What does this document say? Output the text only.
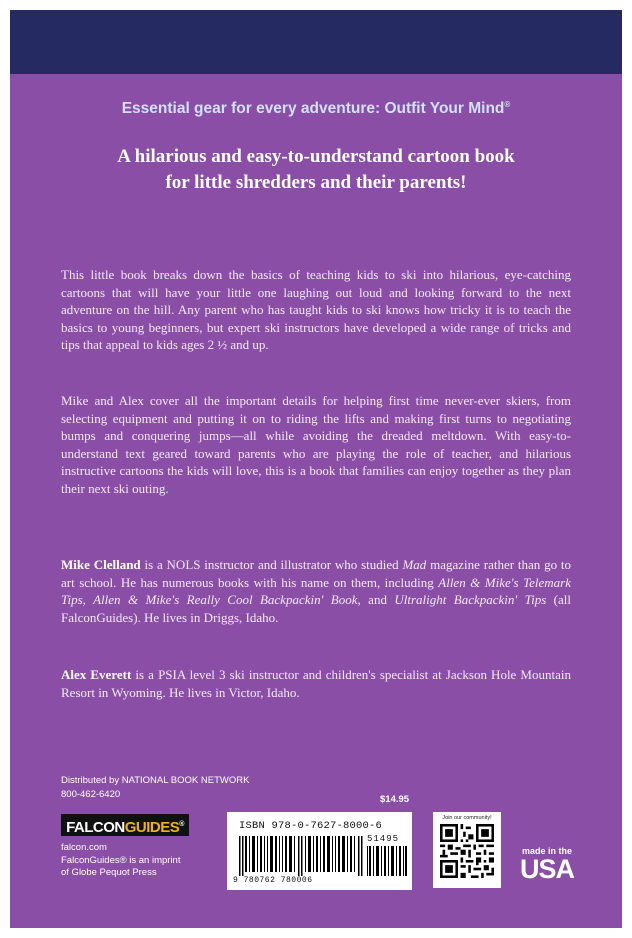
Essential gear for every adventure: Outfit Your Mind®
A hilarious and easy-to-understand cartoon book
for little shredders and their parents!
This little book breaks down the basics of teaching kids to ski into hilarious, eye-catching cartoons that will have your little one laughing out loud and looking forward to the next adventure on the hill. Any parent who has taught kids to ski knows how tricky it is to teach the basics to young beginners, but expert ski instructors have developed a wide range of tricks and tips that appeal to kids ages 2 ½ and up.
Mike and Alex cover all the important details for helping first time never-ever skiers, from selecting equipment and putting it on to riding the lifts and making first turns to negotiating bumps and conquering jumps—all while avoiding the dreaded meltdown. With easy-to-understand text geared toward parents who are playing the role of teacher, and hilarious instructive cartoons the kids will love, this is a book that families can enjoy together as they plan their next ski outing.
Mike Clelland is a NOLS instructor and illustrator who studied Mad magazine rather than go to art school. He has numerous books with his name on them, including Allen & Mike's Telemark Tips, Allen & Mike's Really Cool Backpackin' Book, and Ultralight Backpackin' Tips (all FalconGuides). He lives in Driggs, Idaho.
Alex Everett is a PSIA level 3 ski instructor and children's specialist at Jackson Hole Mountain Resort in Wyoming. He lives in Victor, Idaho.
Distributed by NATIONAL BOOK NETWORK
800-462-6420	$14.95
FALCONGUIDES®
falcon.com
FalconGuides® is an imprint
of Globe Pequot Press
ISBN 978-0-7627-8000-6
51495
9 780762 780006
Join our community!
made in the
USA
